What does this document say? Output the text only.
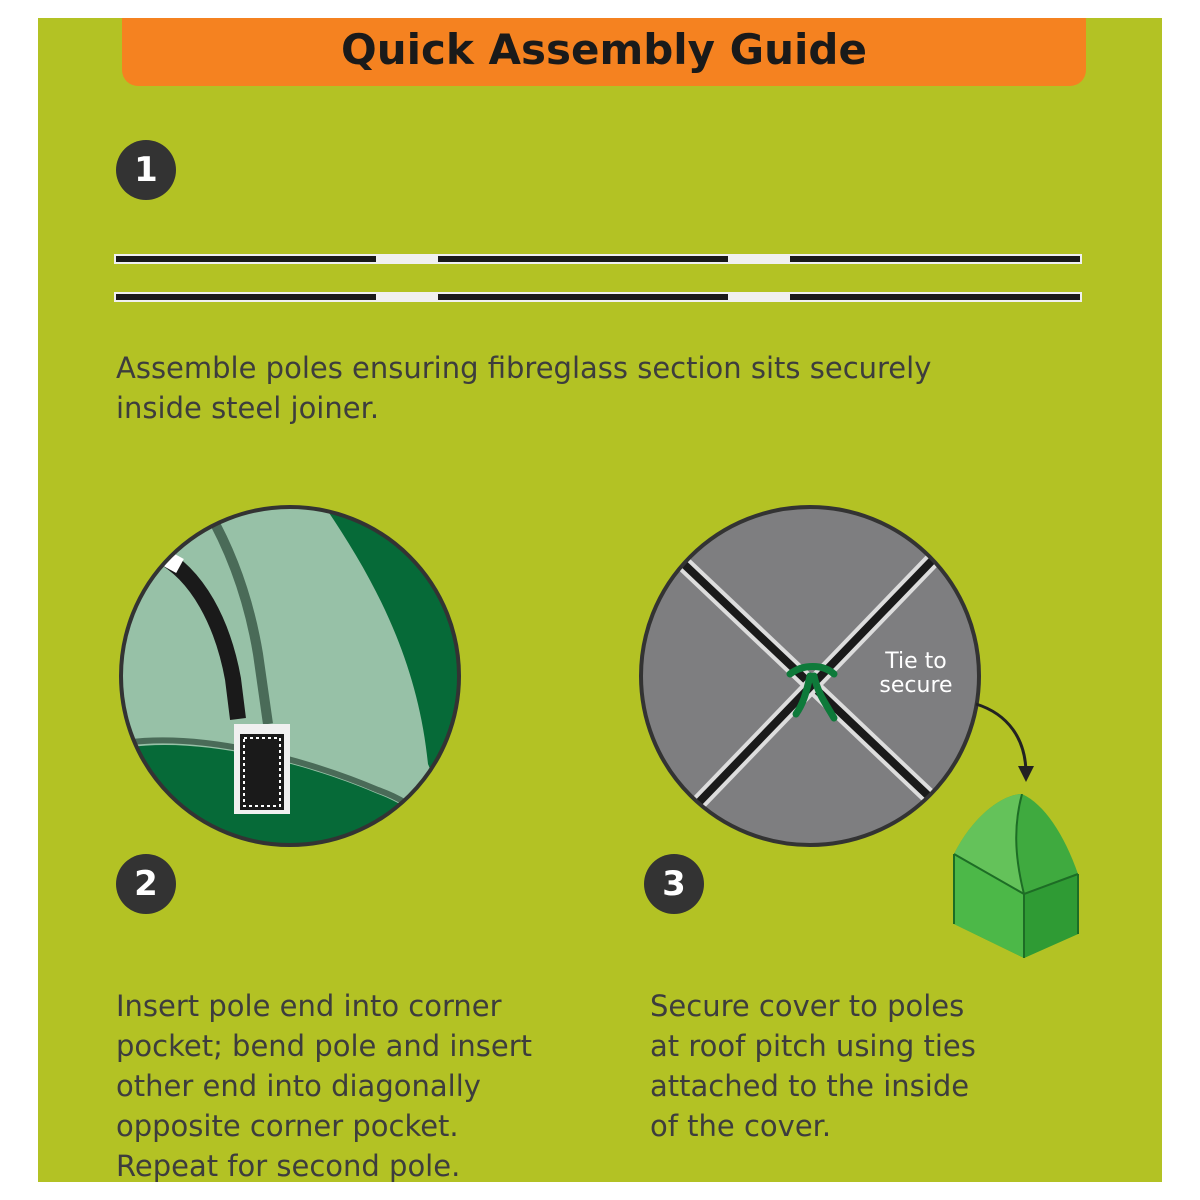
Quick Assembly Guide
1

Assemble poles ensuring fibreglass section sits securely
inside steel joiner.

2

Insert pole end into corner
pocket; bend pole and insert
other end into diagonally
opposite corner pocket.
Repeat for second pole.

Tie to
secure

3

Secure cover to poles
at roof pitch using ties
attached to the inside
of the cover.
